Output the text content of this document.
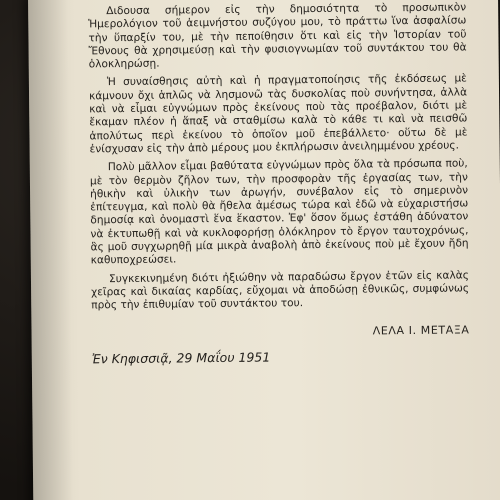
Διδουσα σήμερον εἰς τὴν δημοσιότητα τὸ προσωπικὸν Ἡμερολόγιον τοῦ ἀειμνήστου συζύγου μου, τὸ πράττω ἵνα ἀσφαλίσω τὴν ὕπαρξίν του, μὲ τὴν πεποίθησιν ὅτι καὶ εἰς τὴν Ἱστορίαν τοῦ Ἔθνους θὰ χρησιμεύσῃ καὶ τὴν φυσιογνωμίαν τοῦ συντάκτου του θὰ ὁλοκληρώσῃ.

Ἡ συναίσθησις αὐτὴ καὶ ἡ πραγματοποίησις τῆς ἐκδόσεως μὲ κάμνουν ὄχι ἁπλῶς νὰ λησμονῶ τὰς δυσκολίας ποὺ συνήντησα, ἀλλὰ καὶ νὰ εἶμαι εὐγνώμων πρὸς ἐκείνους ποὺ τὰς προέβαλον, διότι μὲ ἔκαμαν πλέον ἡ ἅπαξ νὰ σταθμίσω καλὰ τὸ κάθε τι καὶ νὰ πεισθῶ ἀπολύτως περὶ ἐκείνου τὸ ὁποῖον μοῦ ἐπεβάλλετο· οὕτω δὲ μὲ ἐνίσχυσαν εἰς τὴν ἀπὸ μέρους μου ἐκπλήρωσιν ἀνειλημμένου χρέους.

Πολὺ μᾶλλον εἶμαι βαθύτατα εὐγνώμων πρὸς ὅλα τὰ πρόσωπα ποὺ, μὲ τὸν θερμὸν ζῆλον των, τὴν προσφορὰν τῆς ἐργασίας των, τὴν ἠθικὴν καὶ ὑλικὴν των ἀρωγήν, συνέβαλον εἰς τὸ σημερινὸν ἐπίτευγμα, καὶ πολὺ θὰ ἤθελα ἀμέσως τώρα καὶ ἐδῶ νὰ εὐχαριστήσω δημοσίᾳ καὶ ὀνομαστὶ ἕνα ἕκαστον. Ἐφ' ὅσον ὅμως ἐστάθη ἀδύνατον νὰ ἐκτυπωθῇ καὶ νὰ κυκλοφορήσῃ ὁλόκληρον τὸ ἔργον ταυτοχρόνως, ἂς μοῦ συγχωρηθῇ μία μικρὰ ἀναβολὴ ἀπὸ ἐκείνους ποὺ μὲ ἔχουν ἤδη καθυποχρεώσει.

Συγκεκινημένη διότι ἠξιώθην νὰ παραδώσω ἔργον ἐτῶν εἰς καλὰς χεῖρας καὶ δικαίας καρδίας, εὔχομαι νὰ ἀποδώσῃ ἐθνικῶς, συμφώνως πρὸς τὴν ἐπιθυμίαν τοῦ συντάκτου του.

ΛΕΛΑ Ι. ΜΕΤΑΞΑ

Ἐν Κηφισσιᾷ, 29 Μαΐου 1951
